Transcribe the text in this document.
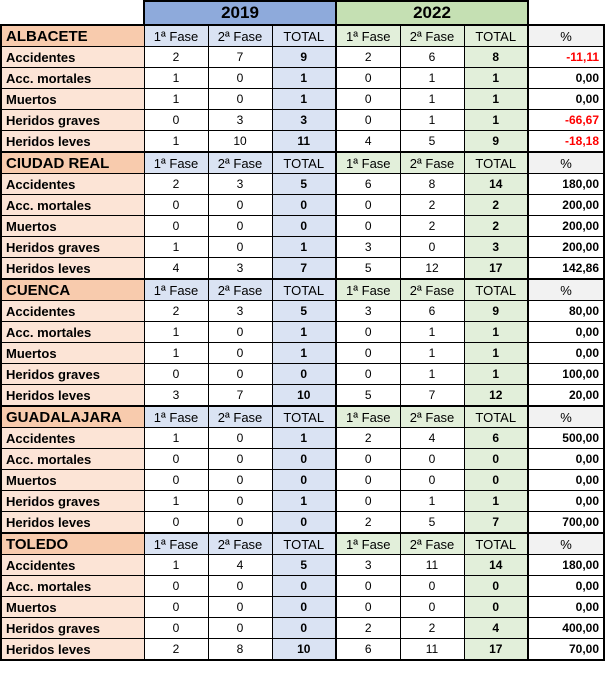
	2019			2022			
ALBACETE	1ª Fase	2ª Fase	TOTAL	1ª Fase	2ª Fase	TOTAL	%
Accidentes	2	7	9	2	6	8	-11,11
Acc. mortales	1	0	1	0	1	1	0,00
Muertos	1	0	1	0	1	1	0,00
Heridos graves	0	3	3	0	1	1	-66,67
Heridos leves	1	10	11	4	5	9	-18,18
CIUDAD REAL	1ª Fase	2ª Fase	TOTAL	1ª Fase	2ª Fase	TOTAL	%
Accidentes	2	3	5	6	8	14	180,00
Acc. mortales	0	0	0	0	2	2	200,00
Muertos	0	0	0	0	2	2	200,00
Heridos graves	1	0	1	3	0	3	200,00
Heridos leves	4	3	7	5	12	17	142,86
CUENCA	1ª Fase	2ª Fase	TOTAL	1ª Fase	2ª Fase	TOTAL	%
Accidentes	2	3	5	3	6	9	80,00
Acc. mortales	1	0	1	0	1	1	0,00
Muertos	1	0	1	0	1	1	0,00
Heridos graves	0	0	0	0	1	1	100,00
Heridos leves	3	7	10	5	7	12	20,00
GUADALAJARA	1ª Fase	2ª Fase	TOTAL	1ª Fase	2ª Fase	TOTAL	%
Accidentes	1	0	1	2	4	6	500,00
Acc. mortales	0	0	0	0	0	0	0,00
Muertos	0	0	0	0	0	0	0,00
Heridos graves	1	0	1	0	1	1	0,00
Heridos leves	0	0	0	2	5	7	700,00
TOLEDO	1ª Fase	2ª Fase	TOTAL	1ª Fase	2ª Fase	TOTAL	%
Accidentes	1	4	5	3	11	14	180,00
Acc. mortales	0	0	0	0	0	0	0,00
Muertos	0	0	0	0	0	0	0,00
Heridos graves	0	0	0	2	2	4	400,00
Heridos leves	2	8	10	6	11	17	70,00
